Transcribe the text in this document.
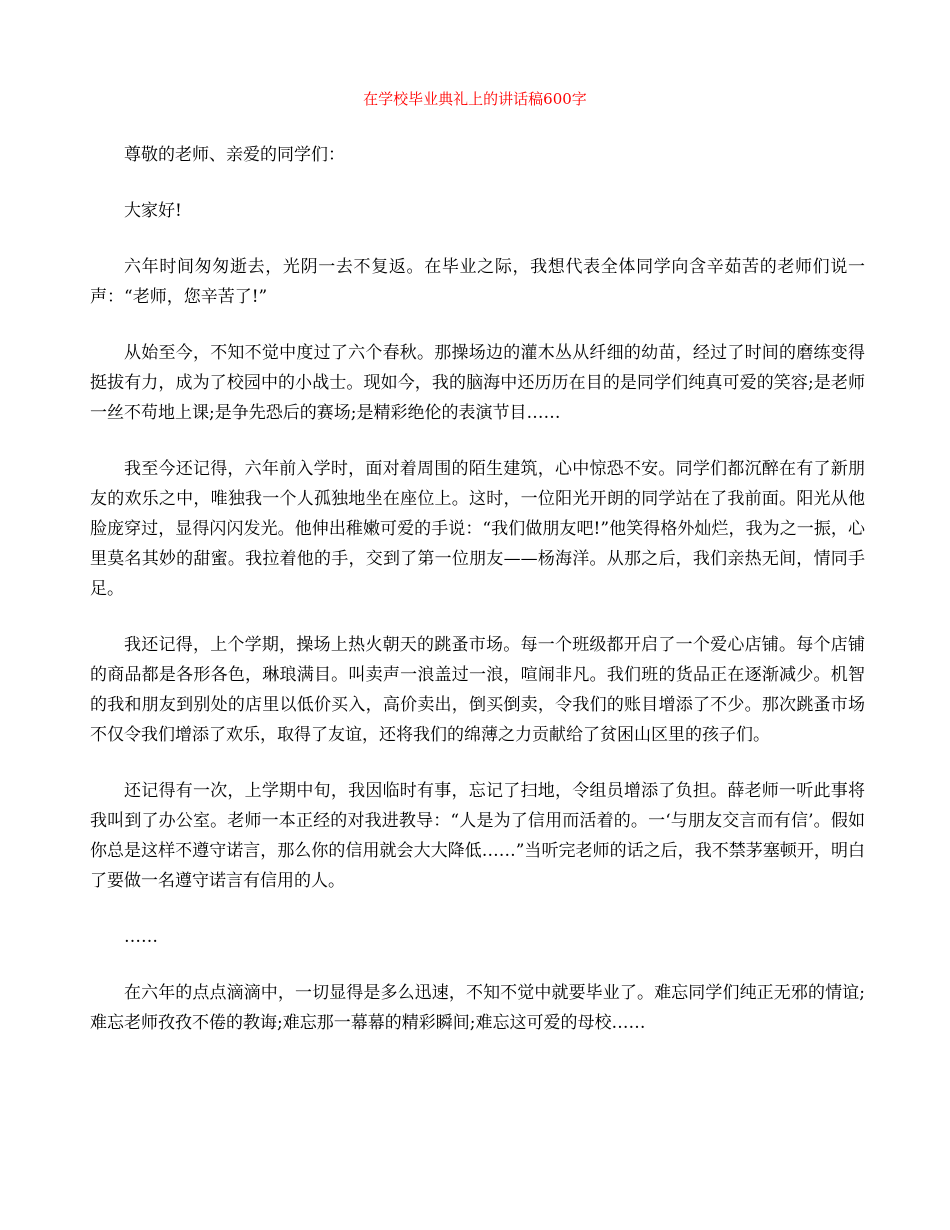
在学校毕业典礼上的讲话稿600字

尊敬的老师、亲爱的同学们：

大家好!

六年时间匆匆逝去，光阴一去不复返。在毕业之际，我想代表全体同学向含辛茹苦的老师们说一声：“老师，您辛苦了!”

从始至今，不知不觉中度过了六个春秋。那操场边的灌木丛从纤细的幼苗，经过了时间的磨练变得挺拔有力，成为了校园中的小战士。现如今，我的脑海中还历历在目的是同学们纯真可爱的笑容;是老师一丝不苟地上课;是争先恐后的赛场;是精彩绝伦的表演节目……

我至今还记得，六年前入学时，面对着周围的陌生建筑，心中惊恐不安。同学们都沉醉在有了新朋友的欢乐之中，唯独我一个人孤独地坐在座位上。这时，一位阳光开朗的同学站在了我前面。阳光从他脸庞穿过，显得闪闪发光。他伸出稚嫩可爱的手说：“我们做朋友吧!”他笑得格外灿烂，我为之一振，心里莫名其妙的甜蜜。我拉着他的手，交到了第一位朋友——杨海洋。从那之后，我们亲热无间，情同手足。

我还记得，上个学期，操场上热火朝天的跳蚤市场。每一个班级都开启了一个爱心店铺。每个店铺的商品都是各形各色，琳琅满目。叫卖声一浪盖过一浪，喧闹非凡。我们班的货品正在逐渐减少。机智的我和朋友到别处的店里以低价买入，高价卖出，倒买倒卖，令我们的账目增添了不少。那次跳蚤市场不仅令我们增添了欢乐，取得了友谊，还将我们的绵薄之力贡献给了贫困山区里的孩子们。

还记得有一次，上学期中旬，我因临时有事，忘记了扫地，令组员增添了负担。薛老师一听此事将我叫到了办公室。老师一本正经的对我进教导：“人是为了信用而活着的。一‘与朋友交言而有信’。假如你总是这样不遵守诺言，那么你的信用就会大大降低……”当听完老师的话之后，我不禁茅塞顿开，明白了要做一名遵守诺言有信用的人。

……

在六年的点点滴滴中，一切显得是多么迅速，不知不觉中就要毕业了。难忘同学们纯正无邪的情谊;难忘老师孜孜不倦的教诲;难忘那一幕幕的精彩瞬间;难忘这可爱的母校……
